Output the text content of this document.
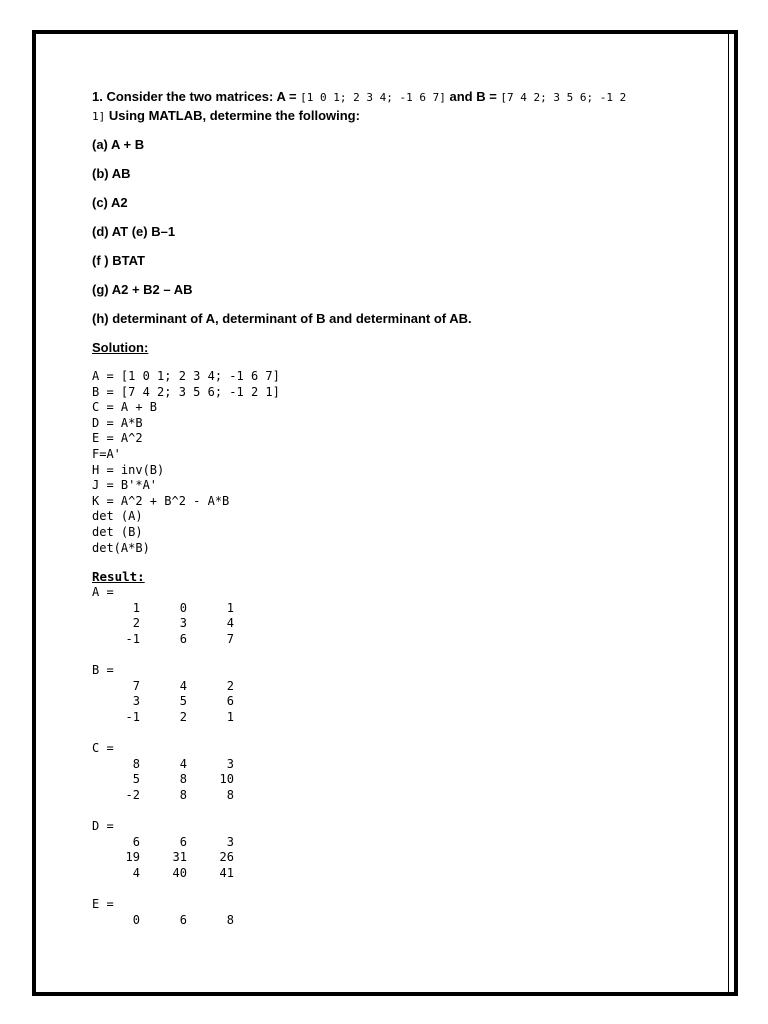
1. Consider the two matrices: A = [1 0 1; 2 3 4; -1 6 7] and B = [7 4 2; 3 5 6; -1 2
1] Using MATLAB, determine the following:

(a) A + B

(b) AB

(c) A2

(d) AT (e) B–1

(f ) BTAT

(g) A2 + B2 – AB

(h) determinant of A, determinant of B and determinant of AB.

Solution:

A = [1 0 1; 2 3 4; -1 6 7]
B = [7 4 2; 3 5 6; -1 2 1]
C = A + B
D = A*B
E = A^2
F=A'
H = inv(B)
J = B'*A'
K = A^2 + B^2 - A*B
det (A)
det (B)
det(A*B)

Result:

A =
1	0	1
2	3	4
-1	6	7
B =
7	4	2
3	5	6
-1	2	1
C =
8	4	3
5	8	10
-2	8	8
D =
6	6	3
19	31	26
4	40	41
E =
0	6	8
